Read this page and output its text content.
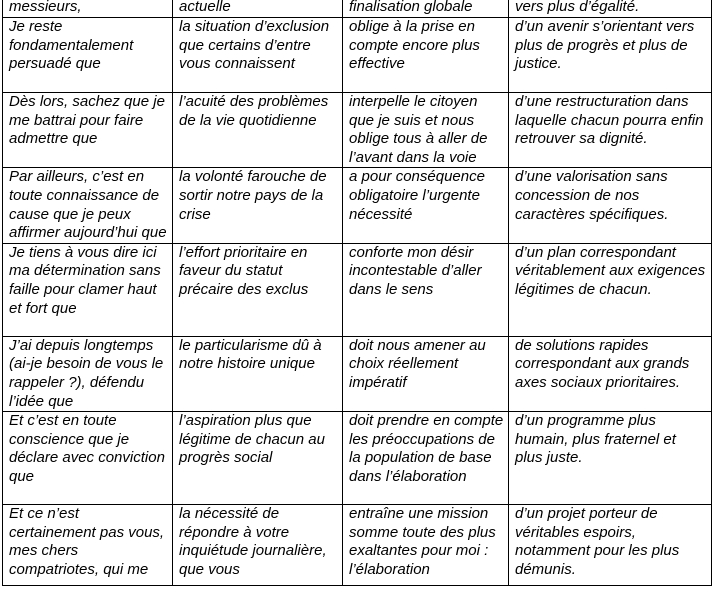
messieurs,	actuelle	finalisation globale	vers plus d’égalité.
Je reste fondamentalement persuadé que	la situation d’exclusion que certains d’entre vous connaissent	oblige à la prise en compte encore plus effective	d’un avenir s’orientant vers plus de progrès et plus de justice.
Dès lors, sachez que je me battrai pour faire admettre que	l’acuité des problèmes de la vie quotidienne	interpelle le citoyen que je suis et nous oblige tous à aller de l’avant dans la voie	d’une restructuration dans laquelle chacun pourra enfin retrouver sa dignité.
Par ailleurs, c’est en toute connaissance de cause que je peux affirmer aujourd’hui que	la volonté farouche de sortir notre pays de la crise	a pour conséquence obligatoire l’urgente nécessité	d’une valorisation sans concession de nos caractères spécifiques.
Je tiens à vous dire ici ma détermination sans faille pour clamer haut et fort que	l’effort prioritaire en faveur du statut précaire des exclus	conforte mon désir incontestable d’aller dans le sens	d’un plan correspondant véritablement aux exigences légitimes de chacun.
J’ai depuis longtemps (ai-je besoin de vous le rappeler ?), défendu l’idée que	le particularisme dû à notre histoire unique	doit nous amener au choix réellement impératif	de solutions rapides correspondant aux grands axes sociaux prioritaires.
Et c’est en toute conscience que je déclare avec conviction que	l’aspiration plus que légitime de chacun au progrès social	doit prendre en compte les préoccupations de la population de base dans l’élaboration	d’un programme plus humain, plus fraternel et plus juste.
Et ce n’est certainement pas vous, mes chers compatriotes, qui me	la nécessité de répondre à votre inquiétude journalière, que vous	entraîne une mission somme toute des plus exaltantes pour moi : l’élaboration	d’un projet porteur de véritables espoirs, notamment pour les plus démunis.
